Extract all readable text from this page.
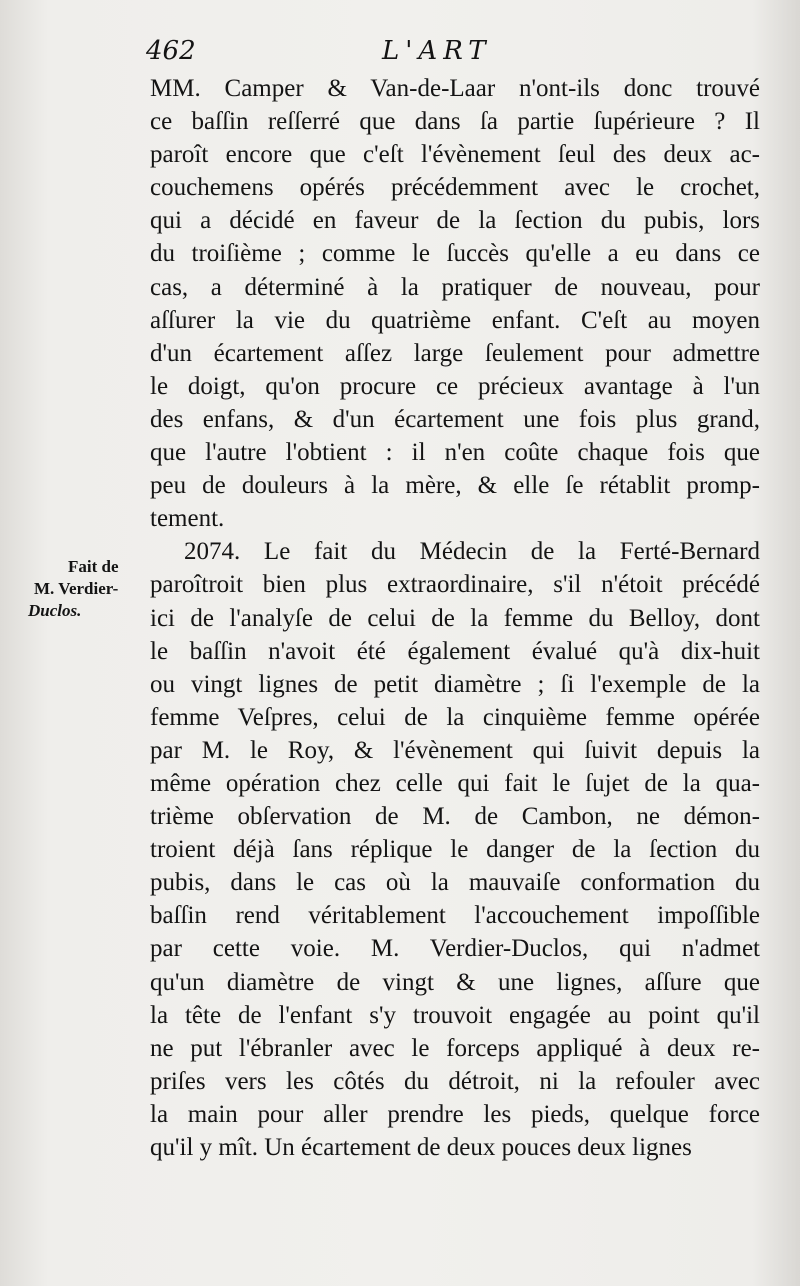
462	L'ART
Fait de
M. Verdier-
Duclos.
MM. Camper & Van-de-Laar n'ont-ils donc trouvé
ce baſſin reſſerré que dans ſa partie ſupérieure ? Il
paroît encore que c'eſt l'évènement ſeul des deux ac-
couchemens opérés précédemment avec le crochet,
qui a décidé en faveur de la ſection du pubis, lors
du troiſième ; comme le ſuccès qu'elle a eu dans ce
cas, a déterminé à la pratiquer de nouveau, pour
aſſurer la vie du quatrième enfant. C'eſt au moyen
d'un écartement aſſez large ſeulement pour admettre
le doigt, qu'on procure ce précieux avantage à l'un
des enfans, & d'un écartement une fois plus grand,
que l'autre l'obtient : il n'en coûte chaque fois que
peu de douleurs à la mère, & elle ſe rétablit promp-
tement.
2074. Le fait du Médecin de la Ferté-Bernard
paroîtroit bien plus extraordinaire, s'il n'étoit précédé
ici de l'analyſe de celui de la femme du Belloy, dont
le baſſin n'avoit été également évalué qu'à dix-huit
ou vingt lignes de petit diamètre ; ſi l'exemple de la
femme Veſpres, celui de la cinquième femme opérée
par M. le Roy, & l'évènement qui ſuivit depuis la
même opération chez celle qui fait le ſujet de la qua-
trième obſervation de M. de Cambon, ne démon-
troient déjà ſans réplique le danger de la ſection du
pubis, dans le cas où la mauvaiſe conformation du
baſſin rend véritablement l'accouchement impoſſible
par cette voie. M. Verdier-Duclos, qui n'admet
qu'un diamètre de vingt & une lignes, aſſure que
la tête de l'enfant s'y trouvoit engagée au point qu'il
ne put l'ébranler avec le forceps appliqué à deux re-
priſes vers les côtés du détroit, ni la refouler avec
la main pour aller prendre les pieds, quelque force
qu'il y mît. Un écartement de deux pouces deux lignes
